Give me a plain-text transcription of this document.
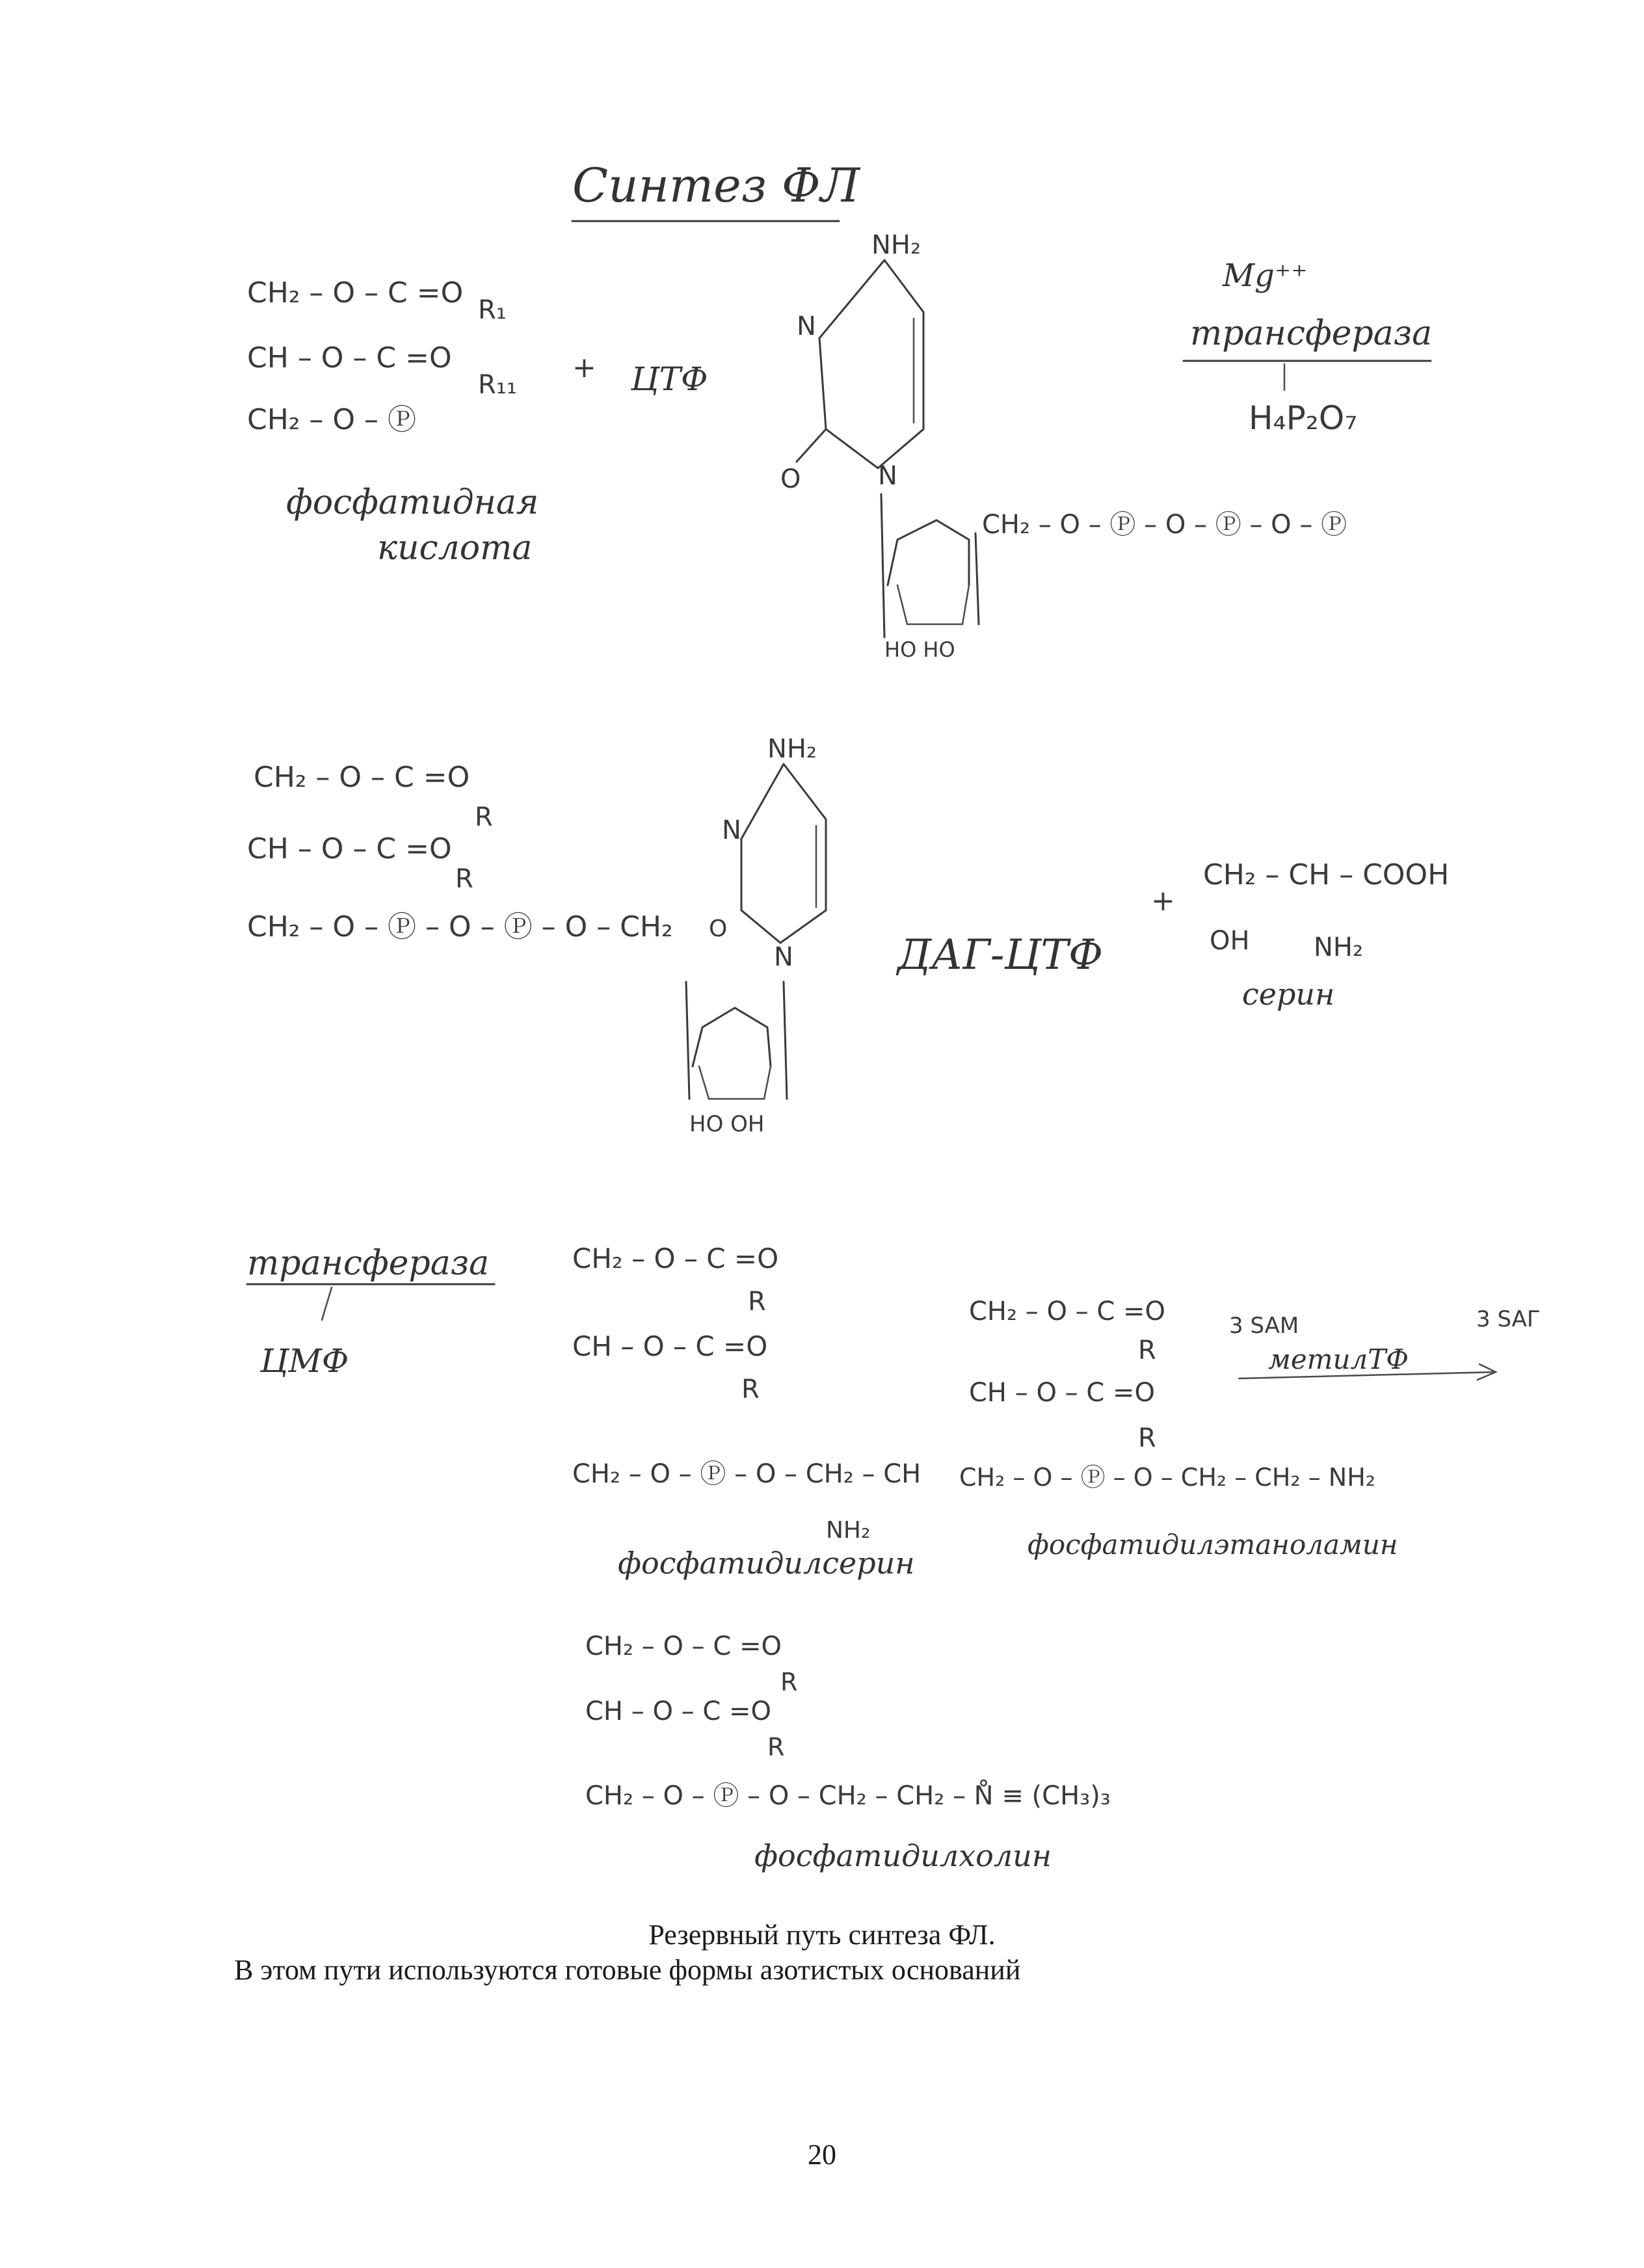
Синтез ФЛ
CH₂ – O – C =O
R₁
CH – O – C =O
R₁₁
CH₂ – O – Ⓟ
+ ЦТФ
фосфатидная
кислота
NH₂
N
N
O
CH₂ – O – Ⓟ – O – Ⓟ – O – Ⓟ
HO HO
Mg⁺⁺
трансфераза
H₄P₂O₇
CH₂ – O – C =O
R
CH – O – C =O
R
CH₂ – O – Ⓟ – O – Ⓟ – O – CH₂
NH₂
N
N
O
HO OH
ДАГ-ЦТФ
+
CH₂ – CH – COOH
OH NH₂
серин
трансфераза
ЦМФ
CH₂ – O – C =O
R
CH – O – C =O
R
CH₂ – O – Ⓟ – O – CH₂ – CH
NH₂
фосфатидилсерин
CH₂ – O – C =O
R
CH – O – C =O
R
CH₂ – O – Ⓟ – O – CH₂ – CH₂ – NH₂
фосфатидилэтаноламин
3 SAM
метилТФ
3 SAГ
CH₂ – O – C =O
R
CH – O – C =O
R
CH₂ – O – Ⓟ – O – CH₂ – CH₂ – N̊ ≡ (CH₃)₃
фосфатидилхолин
Резервный путь синтеза ФЛ.
В этом пути используются готовые формы азотистых оснований
20
